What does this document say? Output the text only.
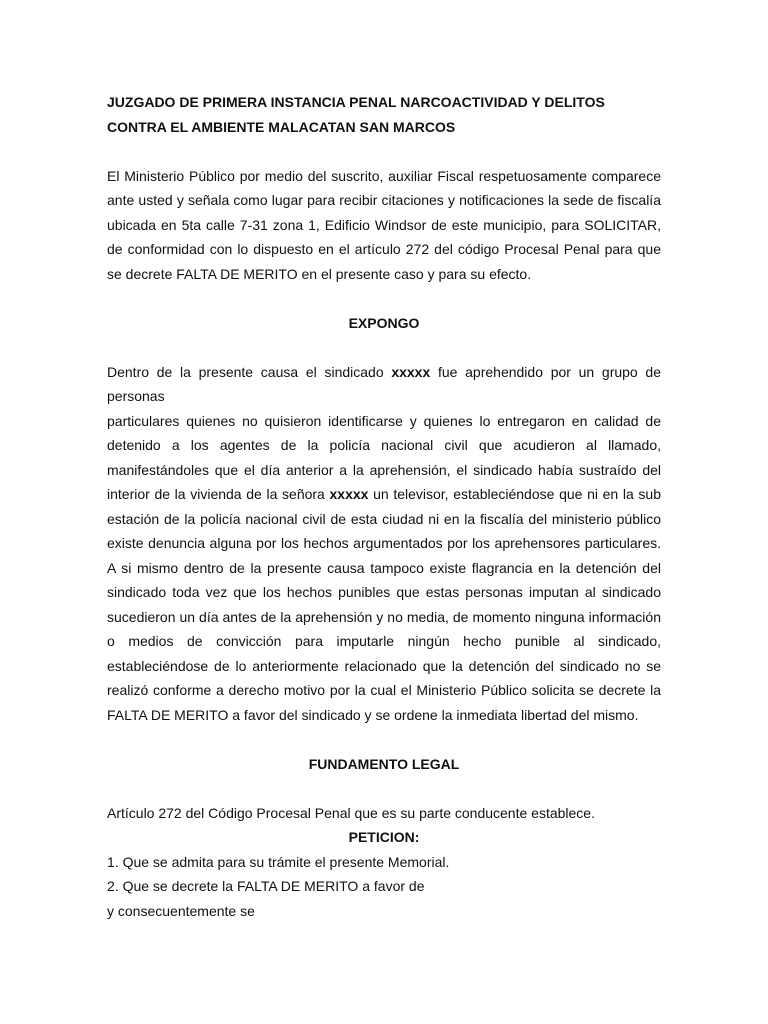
JUZGADO DE PRIMERA INSTANCIA PENAL NARCOACTIVIDAD Y DELITOS
CONTRA EL AMBIENTE MALACATAN SAN MARCOS

El Ministerio Público por medio del suscrito, auxiliar Fiscal respetuosamente comparece ante usted y señala como lugar para recibir citaciones y notificaciones la sede de fiscalía ubicada en 5ta calle 7-31 zona 1, Edificio Windsor de este municipio, para SOLICITAR, de conformidad con lo dispuesto en el artículo 272 del código Procesal Penal para que se decrete FALTA DE MERITO en el presente caso y para su efecto.

EXPONGO

Dentro de la presente causa el sindicado xxxxx fue aprehendido por un grupo de

personas

particulares quienes no quisieron identificarse y quienes lo entregaron en calidad de detenido a los agentes de la policía nacional civil que acudieron al llamado, manifestándoles que el día anterior a la aprehensión, el sindicado había sustraído del interior de la vivienda de la señora xxxxx un televisor, estableciéndose que ni en la sub estación de la policía nacional civil de esta ciudad ni en la fiscalía del ministerio público existe denuncia alguna por los hechos argumentados por los aprehensores particulares. A si mismo dentro de la presente causa tampoco existe flagrancia en la detención del sindicado toda vez que los hechos punibles que estas personas imputan al sindicado sucedieron un día antes de la aprehensión y no media, de momento ninguna información o medios de convicción para imputarle ningún hecho punible al sindicado, estableciéndose de lo anteriormente relacionado que la detención del sindicado no se realizó conforme a derecho motivo por la cual el Ministerio Público solicita se decrete la FALTA DE MERITO a favor del sindicado y se ordene la inmediata libertad del mismo.

FUNDAMENTO LEGAL

Artículo 272 del Código Procesal Penal que es su parte conducente establece.

PETICION:
1. Que se admita para su trámite el presente Memorial.
2. Que se decrete la FALTA DE MERITO a favor de
y consecuentemente se
